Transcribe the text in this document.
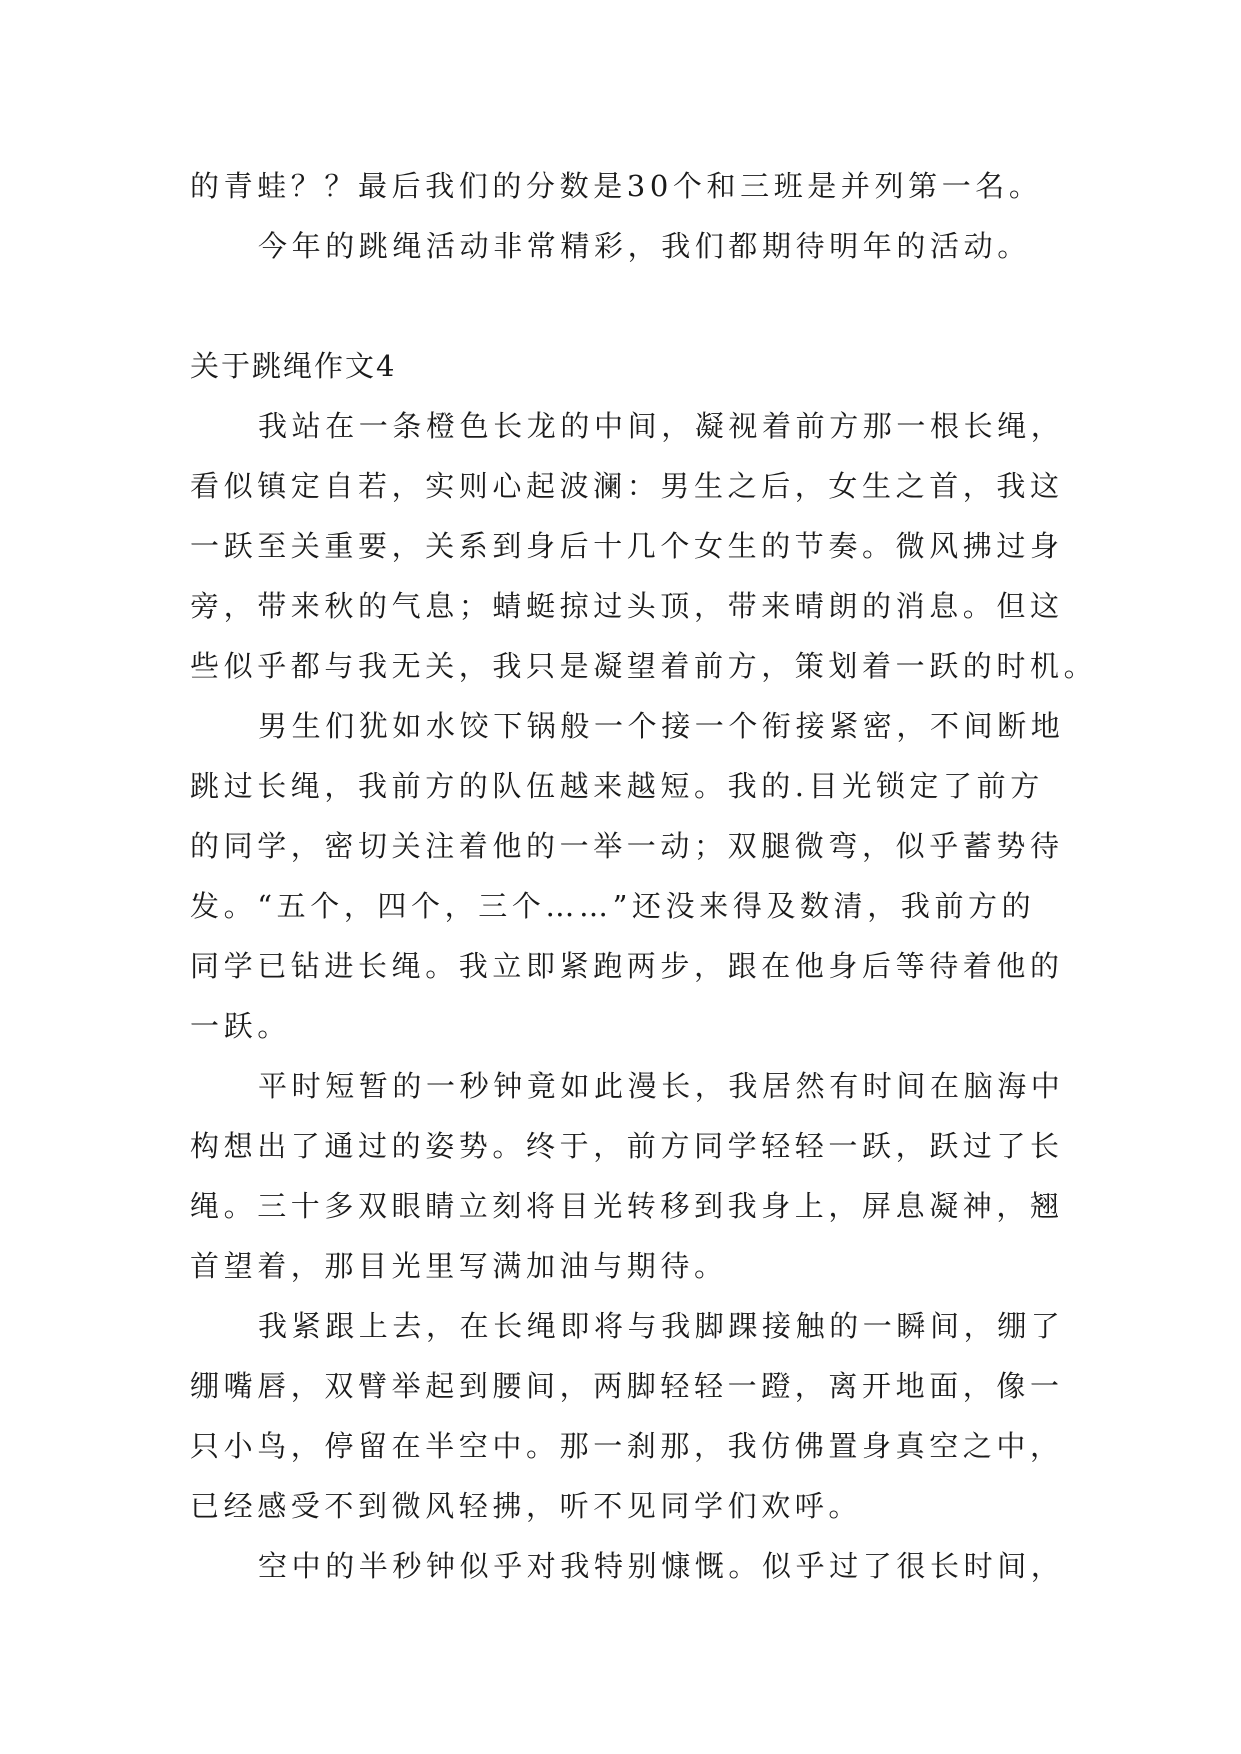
的青蛙？？最后我们的分数是30个和三班是并列第一名。
今年的跳绳活动非常精彩，我们都期待明年的活动。
关于跳绳作文4
我站在一条橙色长龙的中间，凝视着前方那一根长绳，
看似镇定自若，实则心起波澜：男生之后，女生之首，我这
一跃至关重要，关系到身后十几个女生的节奏。微风拂过身
旁，带来秋的气息；蜻蜓掠过头顶，带来晴朗的消息。但这
些似乎都与我无关，我只是凝望着前方，策划着一跃的时机。
男生们犹如水饺下锅般一个接一个衔接紧密，不间断地
跳过长绳，我前方的队伍越来越短。我的.目光锁定了前方
的同学，密切关注着他的一举一动；双腿微弯，似乎蓄势待
发。“五个，四个，三个……”还没来得及数清，我前方的
同学已钻进长绳。我立即紧跑两步，跟在他身后等待着他的
一跃。
平时短暂的一秒钟竟如此漫长，我居然有时间在脑海中
构想出了通过的姿势。终于，前方同学轻轻一跃，跃过了长
绳。三十多双眼睛立刻将目光转移到我身上，屏息凝神，翘
首望着，那目光里写满加油与期待。
我紧跟上去，在长绳即将与我脚踝接触的一瞬间，绷了
绷嘴唇，双臂举起到腰间，两脚轻轻一蹬，离开地面，像一
只小鸟，停留在半空中。那一刹那，我仿佛置身真空之中，
已经感受不到微风轻拂，听不见同学们欢呼。
空中的半秒钟似乎对我特别慷慨。似乎过了很长时间，
